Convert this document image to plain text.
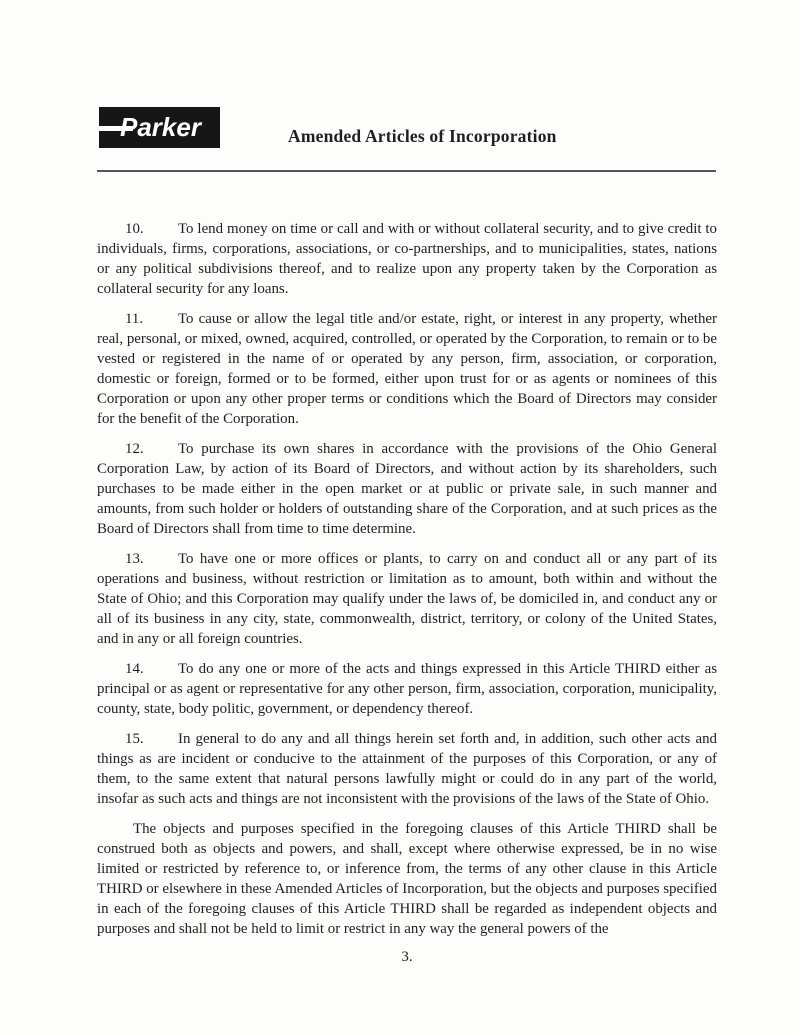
Parker	Amended Articles of Incorporation

10. To lend money on time or call and with or without collateral security, and to give credit to individuals, firms, corporations, associations, or co-partnerships, and to municipalities, states, nations or any political subdivisions thereof, and to realize upon any property taken by the Corporation as collateral security for any loans.

11. To cause or allow the legal title and/or estate, right, or interest in any property, whether real, personal, or mixed, owned, acquired, controlled, or operated by the Corporation, to remain or to be vested or registered in the name of or operated by any person, firm, association, or corporation, domestic or foreign, formed or to be formed, either upon trust for or as agents or nominees of this Corporation or upon any other proper terms or conditions which the Board of Directors may consider for the benefit of the Corporation.

12. To purchase its own shares in accordance with the provisions of the Ohio General Corporation Law, by action of its Board of Directors, and without action by its shareholders, such purchases to be made either in the open market or at public or private sale, in such manner and amounts, from such holder or holders of outstanding share of the Corporation, and at such prices as the Board of Directors shall from time to time determine.

13. To have one or more offices or plants, to carry on and conduct all or any part of its operations and business, without restriction or limitation as to amount, both within and without the State of Ohio; and this Corporation may qualify under the laws of, be domiciled in, and conduct any or all of its business in any city, state, commonwealth, district, territory, or colony of the United States, and in any or all foreign countries.

14. To do any one or more of the acts and things expressed in this Article THIRD either as principal or as agent or representative for any other person, firm, association, corporation, municipality, county, state, body politic, government, or dependency thereof.

15. In general to do any and all things herein set forth and, in addition, such other acts and things as are incident or conducive to the attainment of the purposes of this Corporation, or any of them, to the same extent that natural persons lawfully might or could do in any part of the world, insofar as such acts and things are not inconsistent with the provisions of the laws of the State of Ohio.

The objects and purposes specified in the foregoing clauses of this Article THIRD shall be construed both as objects and powers, and shall, except where otherwise expressed, be in no wise limited or restricted by reference to, or inference from, the terms of any other clause in this Article THIRD or elsewhere in these Amended Articles of Incorporation, but the objects and purposes specified in each of the foregoing clauses of this Article THIRD shall be regarded as independent objects and purposes and shall not be held to limit or restrict in any way the general powers of the

3.
